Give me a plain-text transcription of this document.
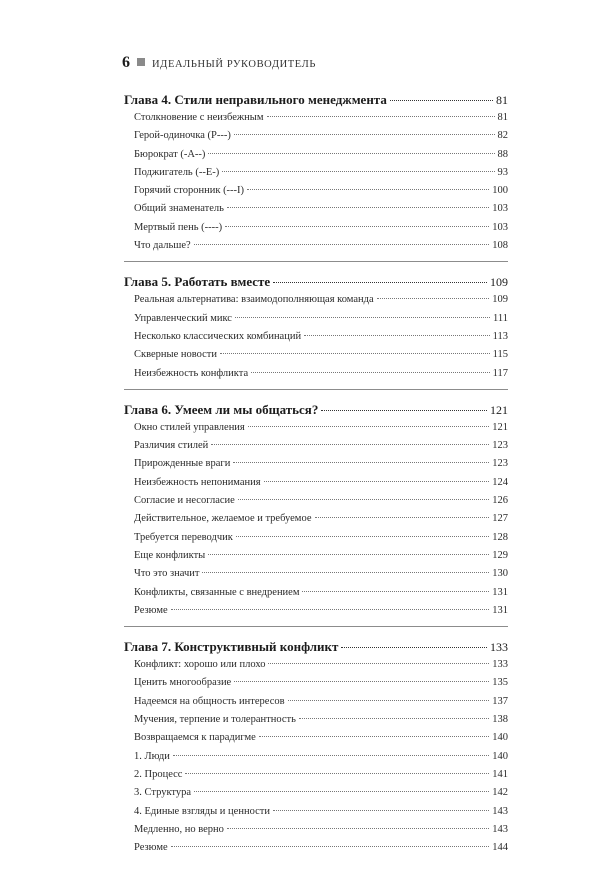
6 ИДЕАЛЬНЫЙ РУКОВОДИТЕЛЬ
Глава 4. Стили неправильного менеджмента	81
Столкновение с неизбежным	81
Герой-одиночка (P---)	82
Бюрократ (-A--)	88
Поджигатель (--E-)	93
Горячий сторонник (---I)	100
Общий знаменатель	103
Мертвый пень (----)	103
Что дальше?	108
Глава 5. Работать вместе	109
Реальная альтернатива: взаимодополняющая команда	109
Управленческий микс	111
Несколько классических комбинаций	113
Скверные новости	115
Неизбежность конфликта	117
Глава 6. Умеем ли мы общаться?	121
Окно стилей управления	121
Различия стилей	123
Прирожденные враги	123
Неизбежность непонимания	124
Согласие и несогласие	126
Действительное, желаемое и требуемое	127
Требуется переводчик	128
Еще конфликты	129
Что это значит	130
Конфликты, связанные с внедрением	131
Резюме	131
Глава 7. Конструктивный конфликт	133
Конфликт: хорошо или плохо	133
Ценить многообразие	135
Надеемся на общность интересов	137
Мучения, терпение и толерантность	138
Возвращаемся к парадигме	140
1. Люди	140
2. Процесс	141
3. Структура	142
4. Единые взгляды и ценности	143
Медленно, но верно	143
Резюме	144
